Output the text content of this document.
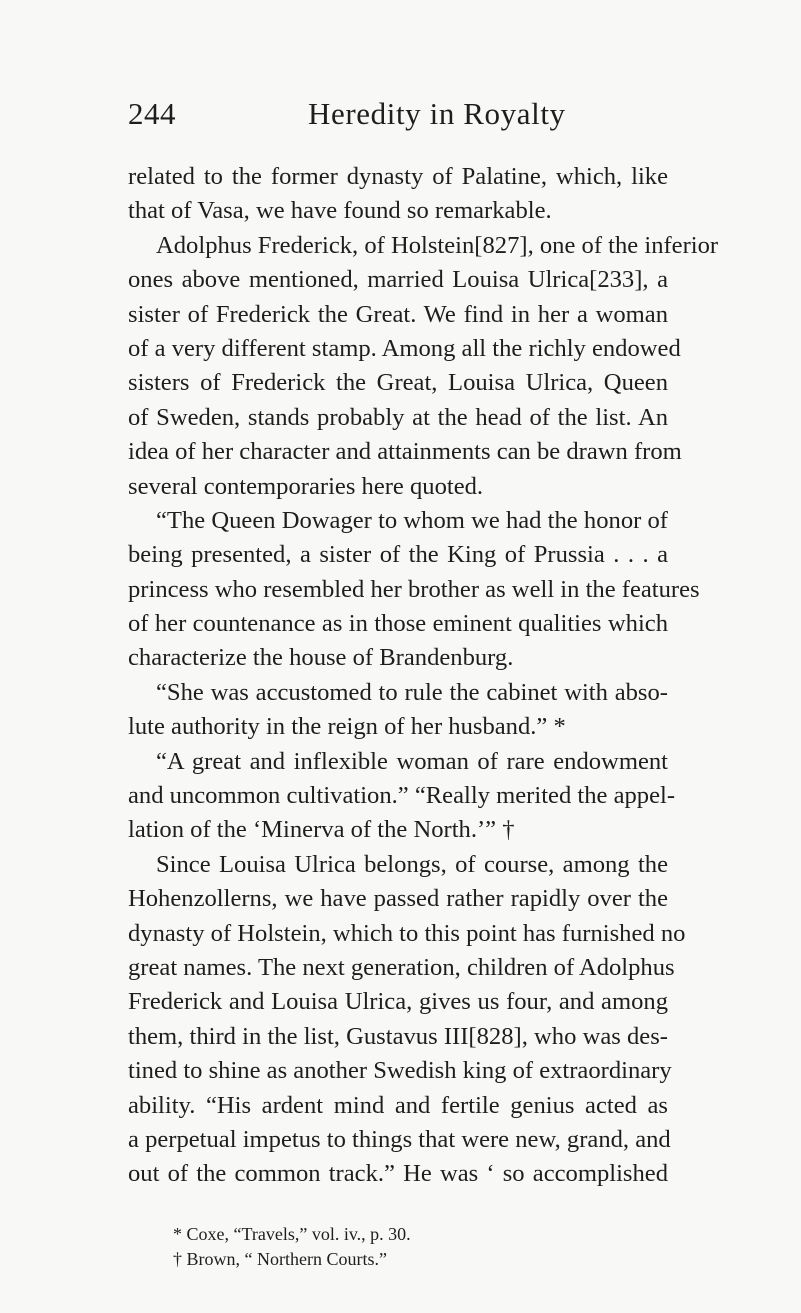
244	Heredity in Royalty
related to the former dynasty of Palatine, which, like
that of Vasa, we have found so remarkable.
Adolphus Frederick, of Holstein[827], one of the inferior
ones above mentioned, married Louisa Ulrica[233], a
sister of Frederick the Great. We find in her a woman
of a very different stamp. Among all the richly endowed
sisters of Frederick the Great, Louisa Ulrica, Queen
of Sweden, stands probably at the head of the list. An
idea of her character and attainments can be drawn from
several contemporaries here quoted.
“The Queen Dowager to whom we had the honor of
being presented, a sister of the King of Prussia . . . a
princess who resembled her brother as well in the features
of her countenance as in those eminent qualities which
characterize the house of Brandenburg.
“She was accustomed to rule the cabinet with abso-
lute authority in the reign of her husband.” *
“A great and inflexible woman of rare endowment
and uncommon cultivation.” “Really merited the appel-
lation of the ‘Minerva of the North.’” †
Since Louisa Ulrica belongs, of course, among the
Hohenzollerns, we have passed rather rapidly over the
dynasty of Holstein, which to this point has furnished no
great names. The next generation, children of Adolphus
Frederick and Louisa Ulrica, gives us four, and among
them, third in the list, Gustavus III[828], who was des-
tined to shine as another Swedish king of extraordinary
ability. “His ardent mind and fertile genius acted as
a perpetual impetus to things that were new, grand, and
out of the common track.” He was ‘ so accomplished
* Coxe, “Travels,” vol. iv., p. 30.
† Brown, “ Northern Courts.”
